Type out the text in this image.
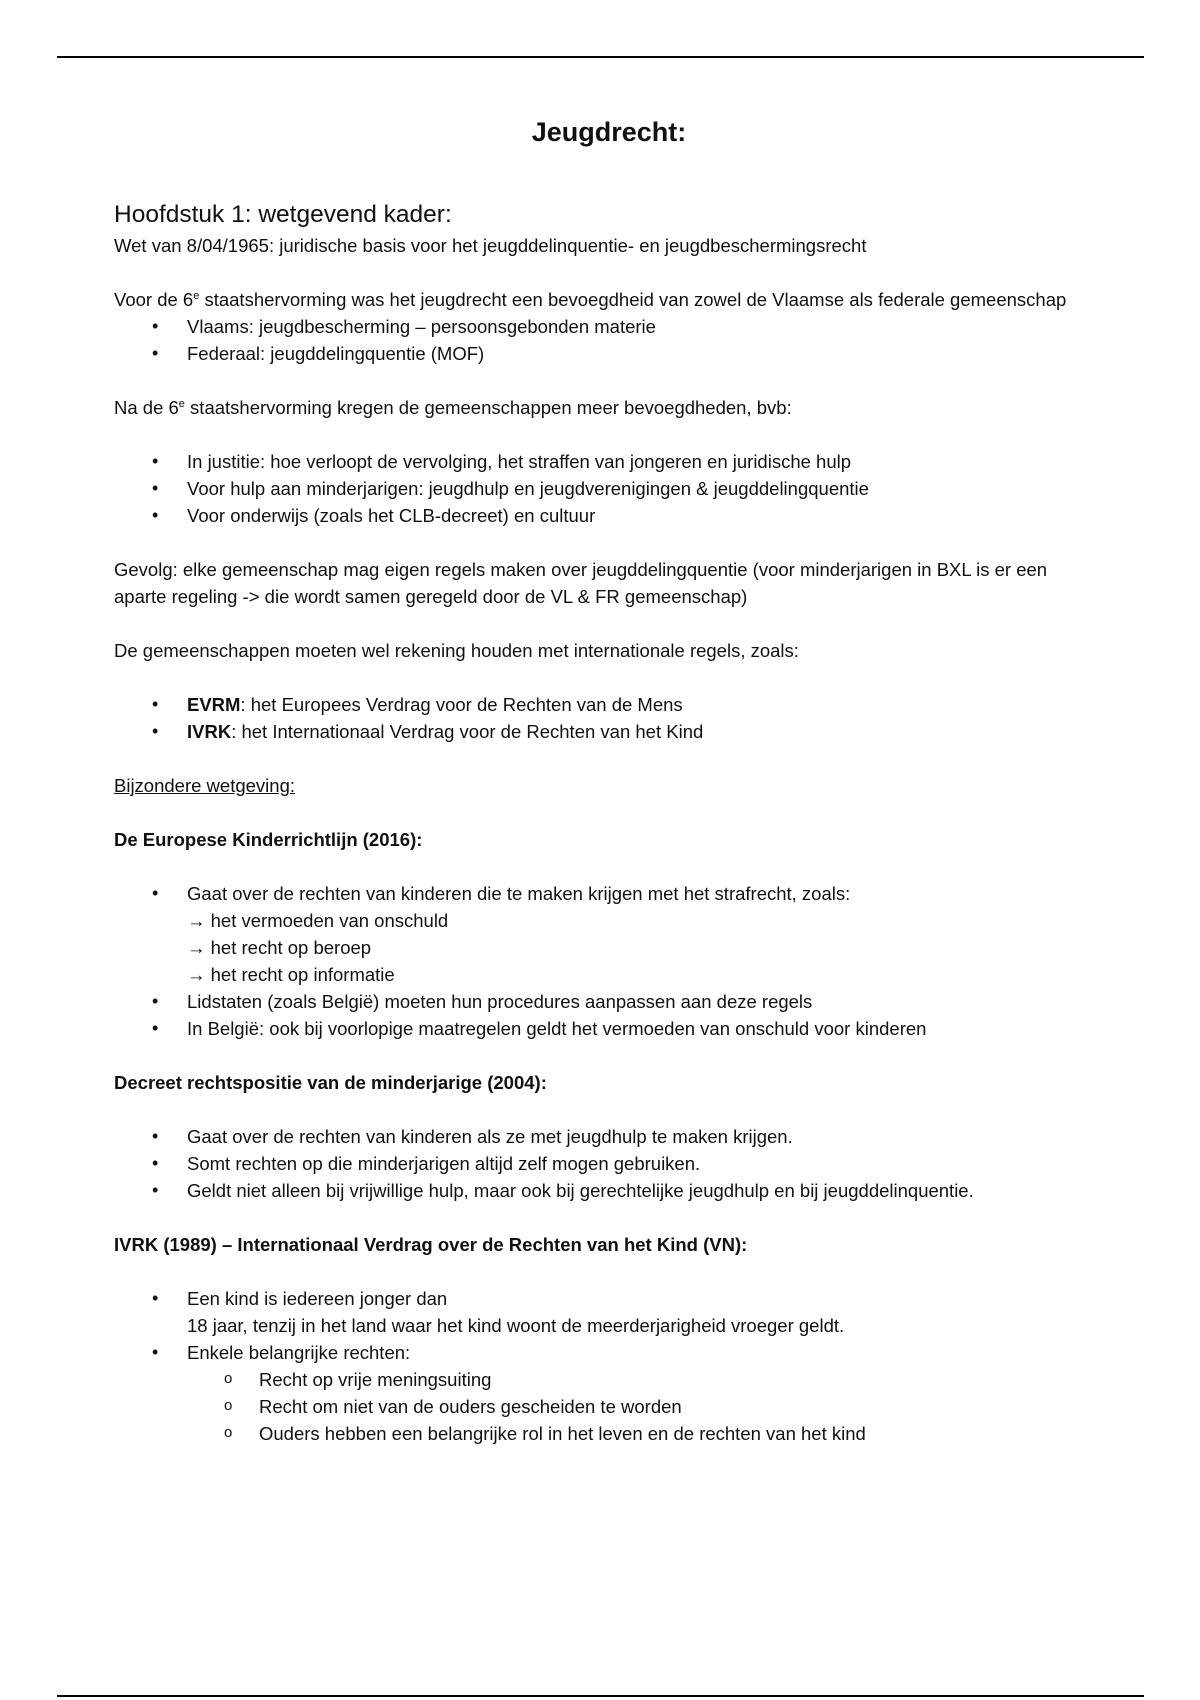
Jeugdrecht:
Hoofdstuk 1: wetgevend kader:

Wet van 8/04/1965: juridische basis voor het jeugddelinquentie- en jeugdbeschermingsrecht

Voor de 6e staatshervorming was het jeugdrecht een bevoegdheid van zowel de Vlaamse als federale gemeenschap

• Vlaams: jeugdbescherming – persoonsgebonden materie
• Federaal: jeugddelingquentie (MOF)

Na de 6e staatshervorming kregen de gemeenschappen meer bevoegdheden, bvb:

• In justitie: hoe verloopt de vervolging, het straffen van jongeren en juridische hulp
• Voor hulp aan minderjarigen: jeugdhulp en jeugdverenigingen & jeugddelingquentie
• Voor onderwijs (zoals het CLB-decreet) en cultuur

Gevolg: elke gemeenschap mag eigen regels maken over jeugddelingquentie (voor minderjarigen in BXL is er een aparte regeling -> die wordt samen geregeld door de VL & FR gemeenschap)

De gemeenschappen moeten wel rekening houden met internationale regels, zoals:

• EVRM: het Europees Verdrag voor de Rechten van de Mens
• IVRK: het Internationaal Verdrag voor de Rechten van het Kind

Bijzondere wetgeving:

De Europese Kinderrichtlijn (2016):

• Gaat over de rechten van kinderen die te maken krijgen met het strafrecht, zoals:
→ het vermoeden van onschuld
→ het recht op beroep
→ het recht op informatie
• Lidstaten (zoals België) moeten hun procedures aanpassen aan deze regels
• In België: ook bij voorlopige maatregelen geldt het vermoeden van onschuld voor kinderen

Decreet rechtspositie van de minderjarige (2004):

• Gaat over de rechten van kinderen als ze met jeugdhulp te maken krijgen.
• Somt rechten op die minderjarigen altijd zelf mogen gebruiken.
• Geldt niet alleen bij vrijwillige hulp, maar ook bij gerechtelijke jeugdhulp en bij jeugddelinquentie.

IVRK (1989) – Internationaal Verdrag over de Rechten van het Kind (VN):

• Een kind is iedereen jonger dan
18 jaar, tenzij in het land waar het kind woont de meerderjarigheid vroeger geldt.
• Enkele belangrijke rechten:
o Recht op vrije meningsuiting
o Recht om niet van de ouders gescheiden te worden
o Ouders hebben een belangrijke rol in het leven en de rechten van het kind
